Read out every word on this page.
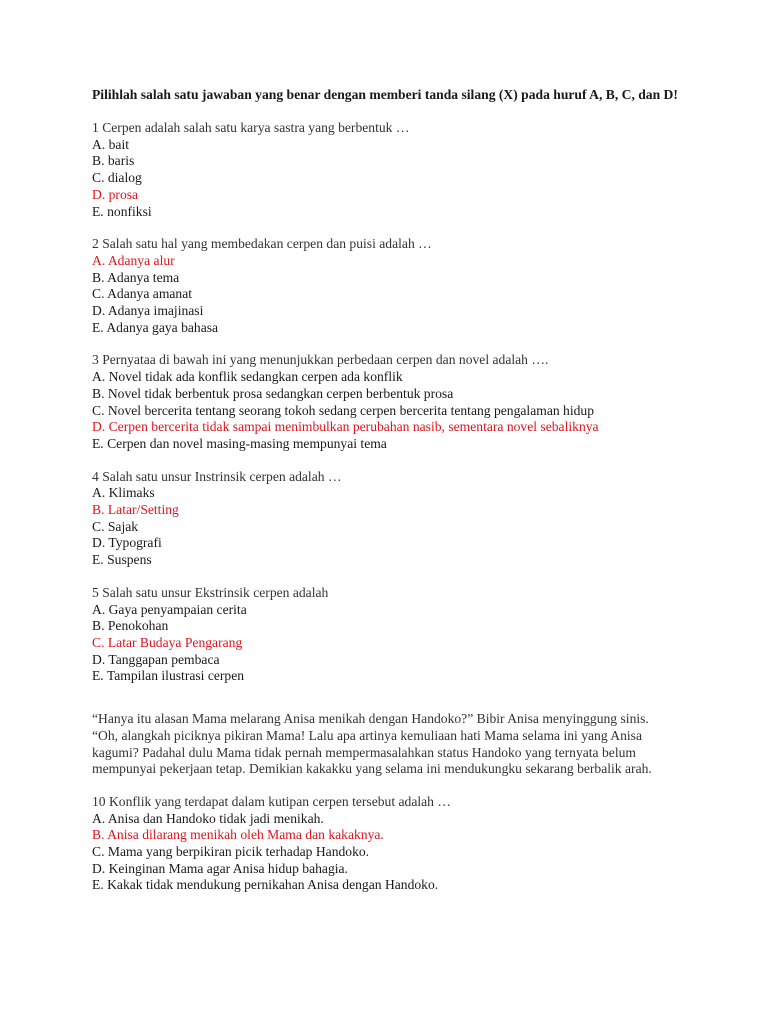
Pilihlah salah satu jawaban yang benar dengan memberi tanda silang (X) pada huruf A, B, C, dan D!

1 Cerpen adalah salah satu karya sastra yang berbentuk …
A. bait
B. baris
C. dialog
D. prosa
E. nonfiksi
2 Salah satu hal yang membedakan cerpen dan puisi adalah …
A. Adanya alur
B. Adanya tema
C. Adanya amanat
D. Adanya imajinasi
E. Adanya gaya bahasa
3 Pernyataa di bawah ini yang menunjukkan perbedaan cerpen dan novel adalah ….
A. Novel tidak ada konflik sedangkan cerpen ada konflik
B. Novel tidak berbentuk prosa sedangkan cerpen berbentuk prosa
C. Novel bercerita tentang seorang tokoh sedang cerpen bercerita tentang pengalaman hidup
D. Cerpen bercerita tidak sampai menimbulkan perubahan nasib, sementara novel sebaliknya
E. Cerpen dan novel masing-masing mempunyai tema
4 Salah satu unsur Instrinsik cerpen adalah …
A. Klimaks
B. Latar/Setting
C. Sajak
D. Typografi
E. Suspens
5 Salah satu unsur Ekstrinsik cerpen adalah
A. Gaya penyampaian cerita
B. Penokohan
C. Latar Budaya Pengarang
D. Tanggapan pembaca
E. Tampilan ilustrasi cerpen

“Hanya itu alasan Mama melarang Anisa menikah dengan Handoko?” Bibir Anisa menyinggung sinis. “Oh, alangkah piciknya pikiran Mama! Lalu apa artinya kemuliaan hati Mama selama ini yang Anisa kagumi? Padahal dulu Mama tidak pernah mempermasalahkan status Handoko yang ternyata belum mempunyai pekerjaan tetap. Demikian kakakku yang selama ini mendukungku sekarang berbalik arah.

10 Konflik yang terdapat dalam kutipan cerpen tersebut adalah …
A. Anisa dan Handoko tidak jadi menikah.
B. Anisa dilarang menikah oleh Mama dan kakaknya.
C. Mama yang berpikiran picik terhadap Handoko.
D. Keinginan Mama agar Anisa hidup bahagia.
E. Kakak tidak mendukung pernikahan Anisa dengan Handoko.
